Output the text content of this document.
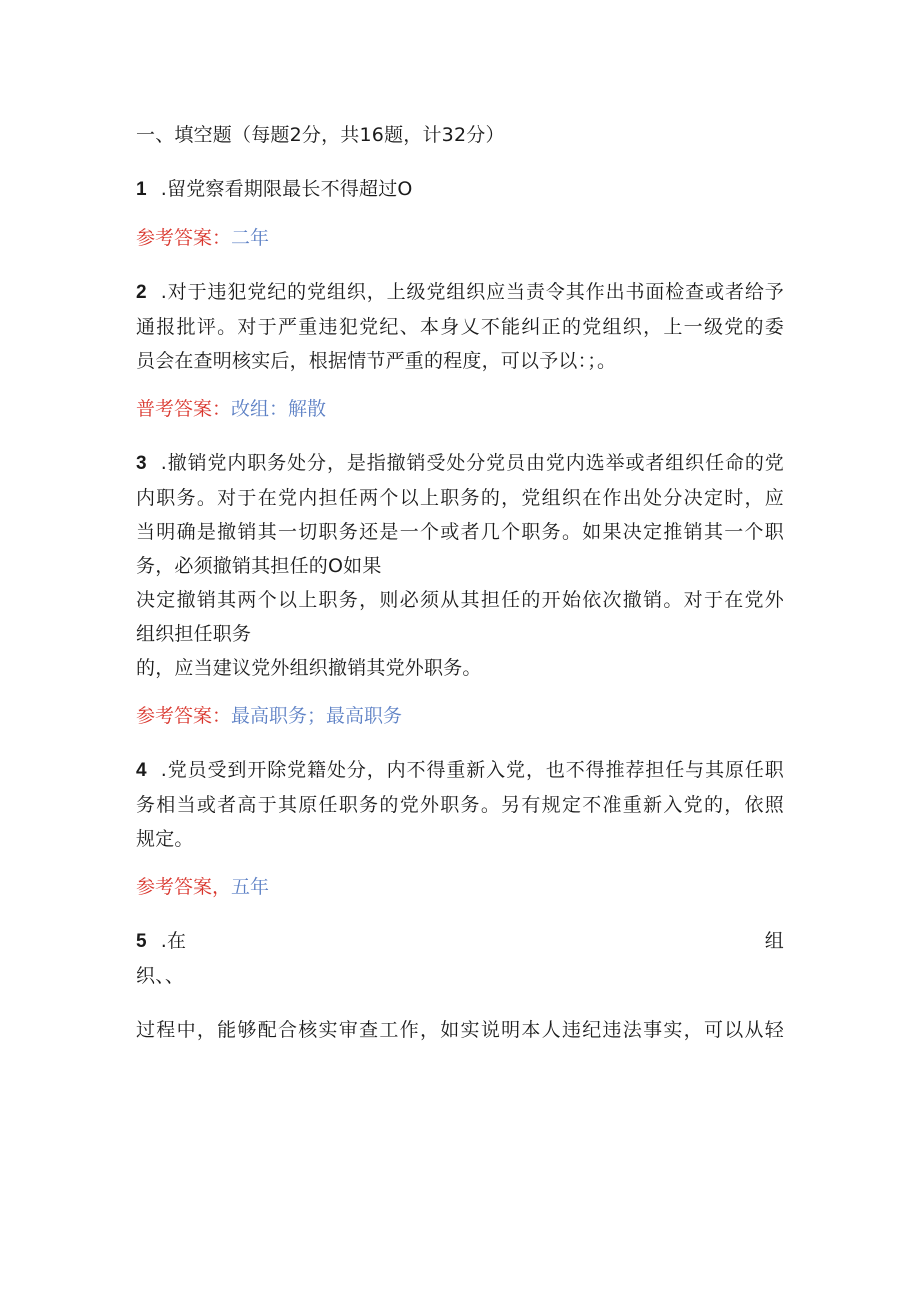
一、填空题（每题2分，共16题，计32分）
1 .留党察看期限最长不得超过O
参考答案：二年
2 .对于违犯党纪的党组织，上级党组织应当责令其作出书面检查或者给予
通报批评。对于严重违犯党纪、本身乂不能纠正的党组织，上一级党的委
员会在查明核实后，根据情节严重的程度，可以予以：；。
普考答案：改组：解散
3 .撤销党内职务处分，是指撤销受处分党员由党内选举或者组织任命的党
内职务。对于在党内担任两个以上职务的，党组织在作出处分决定时，应
当明确是撤销其一切职务还是一个或者几个职务。如果决定推销其一个职
务，必须撤销其担任的O如果
决定撤销其两个以上职务，则必须从其担任的开始依次撤销。对于在党外
组织担任职务
的，应当建议党外组织撤销其党外职务。
参考答案：最高职务；最高职务
4 .党员受到开除党籍处分，内不得重新入党，也不得推荐担任与其原任职
务相当或者高于其原任职务的党外职务。另有规定不准重新入党的，依照
规定。
参考答案，五年
5 .在	组
织、、
过程中，能够配合核实审查工作，如实说明本人违纪违法事实，可以从轻
